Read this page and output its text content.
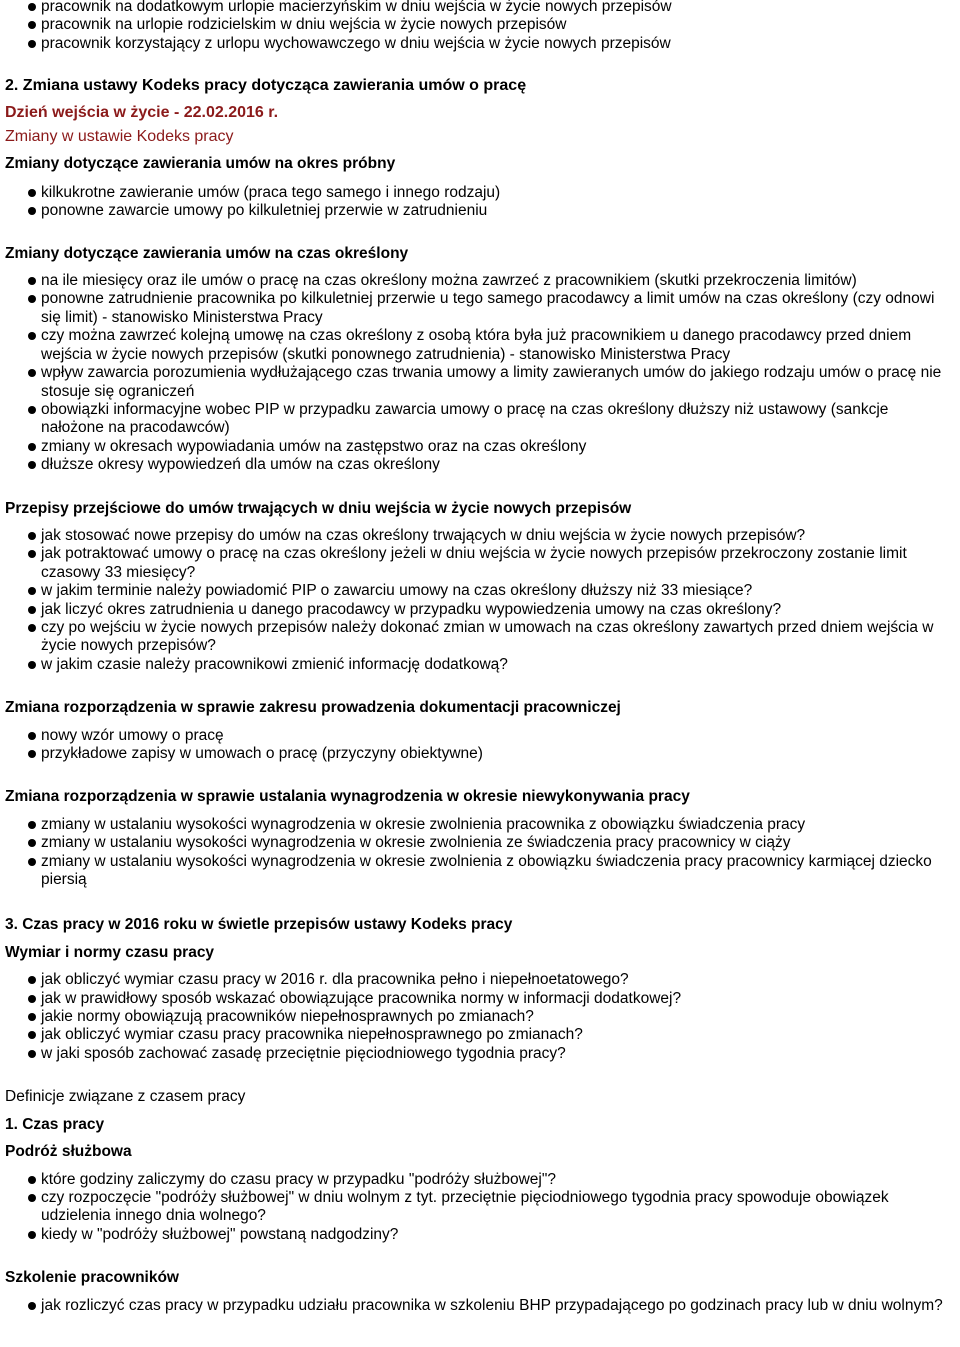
pracownik na dodatkowym urlopie macierzyńskim w dniu wejścia w życie nowych przepisów
pracownik na urlopie rodzicielskim w dniu wejścia w życie nowych przepisów
pracownik korzystający z urlopu wychowawczego w dniu wejścia w życie nowych przepisów
2. Zmiana ustawy Kodeks pracy dotycząca zawierania umów o pracę
Dzień wejścia w życie - 22.02.2016 r.
Zmiany w ustawie Kodeks pracy
Zmiany dotyczące zawierania umów na okres próbny
kilkukrotne zawieranie umów (praca tego samego i innego rodzaju)
ponowne zawarcie umowy po kilkuletniej przerwie w zatrudnieniu
Zmiany dotyczące zawierania umów na czas określony
na ile miesięcy oraz ile umów o pracę na czas określony można zawrzeć z pracownikiem (skutki przekroczenia limitów)
ponowne zatrudnienie pracownika po kilkuletniej przerwie u tego samego pracodawcy a limit umów na czas określony (czy odnowi się limit) - stanowisko Ministerstwa Pracy
czy można zawrzeć kolejną umowę na czas określony z osobą która była już pracownikiem u danego pracodawcy przed dniem wejścia w życie nowych przepisów (skutki ponownego zatrudnienia) - stanowisko Ministerstwa Pracy
wpływ zawarcia porozumienia wydłużającego czas trwania umowy a limity zawieranych umów do jakiego rodzaju umów o pracę nie stosuje się ograniczeń
obowiązki informacyjne wobec PIP w przypadku zawarcia umowy o pracę na czas określony dłuższy niż ustawowy (sankcje nałożone na pracodawców)
zmiany w okresach wypowiadania umów na zastępstwo oraz na czas określony
dłuższe okresy wypowiedzeń dla umów na czas określony
Przepisy przejściowe do umów trwających w dniu wejścia w życie nowych przepisów
jak stosować nowe przepisy do umów na czas określony trwających w dniu wejścia w życie nowych przepisów?
jak potraktować umowy o pracę na czas określony jeżeli w dniu wejścia w życie nowych przepisów przekroczony zostanie limit czasowy 33 miesięcy?
w jakim terminie należy powiadomić PIP o zawarciu umowy na czas określony dłuższy niż 33 miesiące?
jak liczyć okres zatrudnienia u danego pracodawcy w przypadku wypowiedzenia umowy na czas określony?
czy po wejściu w życie nowych przepisów należy dokonać zmian w umowach na czas określony zawartych przed dniem wejścia w życie nowych przepisów?
w jakim czasie należy pracownikowi zmienić informację dodatkową?
Zmiana rozporządzenia w sprawie zakresu prowadzenia dokumentacji pracowniczej
nowy wzór umowy o pracę
przykładowe zapisy w umowach o pracę (przyczyny obiektywne)
Zmiana rozporządzenia w sprawie ustalania wynagrodzenia w okresie niewykonywania pracy
zmiany w ustalaniu wysokości wynagrodzenia w okresie zwolnienia pracownika z obowiązku świadczenia pracy
zmiany w ustalaniu wysokości wynagrodzenia w okresie zwolnienia ze świadczenia pracy pracownicy w ciąży
zmiany w ustalaniu wysokości wynagrodzenia w okresie zwolnienia z obowiązku świadczenia pracy pracownicy karmiącej dziecko piersią
3. Czas pracy w 2016 roku w świetle przepisów ustawy Kodeks pracy
Wymiar i normy czasu pracy
jak obliczyć wymiar czasu pracy w 2016 r. dla pracownika pełno i niepełnoetatowego?
jak w prawidłowy sposób wskazać obowiązujące pracownika normy w informacji dodatkowej?
jakie normy obowiązują pracowników niepełnosprawnych po zmianach?
jak obliczyć wymiar czasu pracy pracownika niepełnosprawnego po zmianach?
w jaki sposób zachować zasadę przeciętnie pięciodniowego tygodnia pracy?
Definicje związane z czasem pracy
1. Czas pracy
Podróż służbowa
które godziny zaliczymy do czasu pracy w przypadku "podróży służbowej"?
czy rozpoczęcie "podróży służbowej" w dniu wolnym z tyt. przeciętnie pięciodniowego tygodnia pracy spowoduje obowiązek udzielenia innego dnia wolnego?
kiedy w "podróży służbowej" powstaną nadgodziny?
Szkolenie pracowników
jak rozliczyć czas pracy w przypadku udziału pracownika w szkoleniu BHP przypadającego po godzinach pracy lub w dniu wolnym?
